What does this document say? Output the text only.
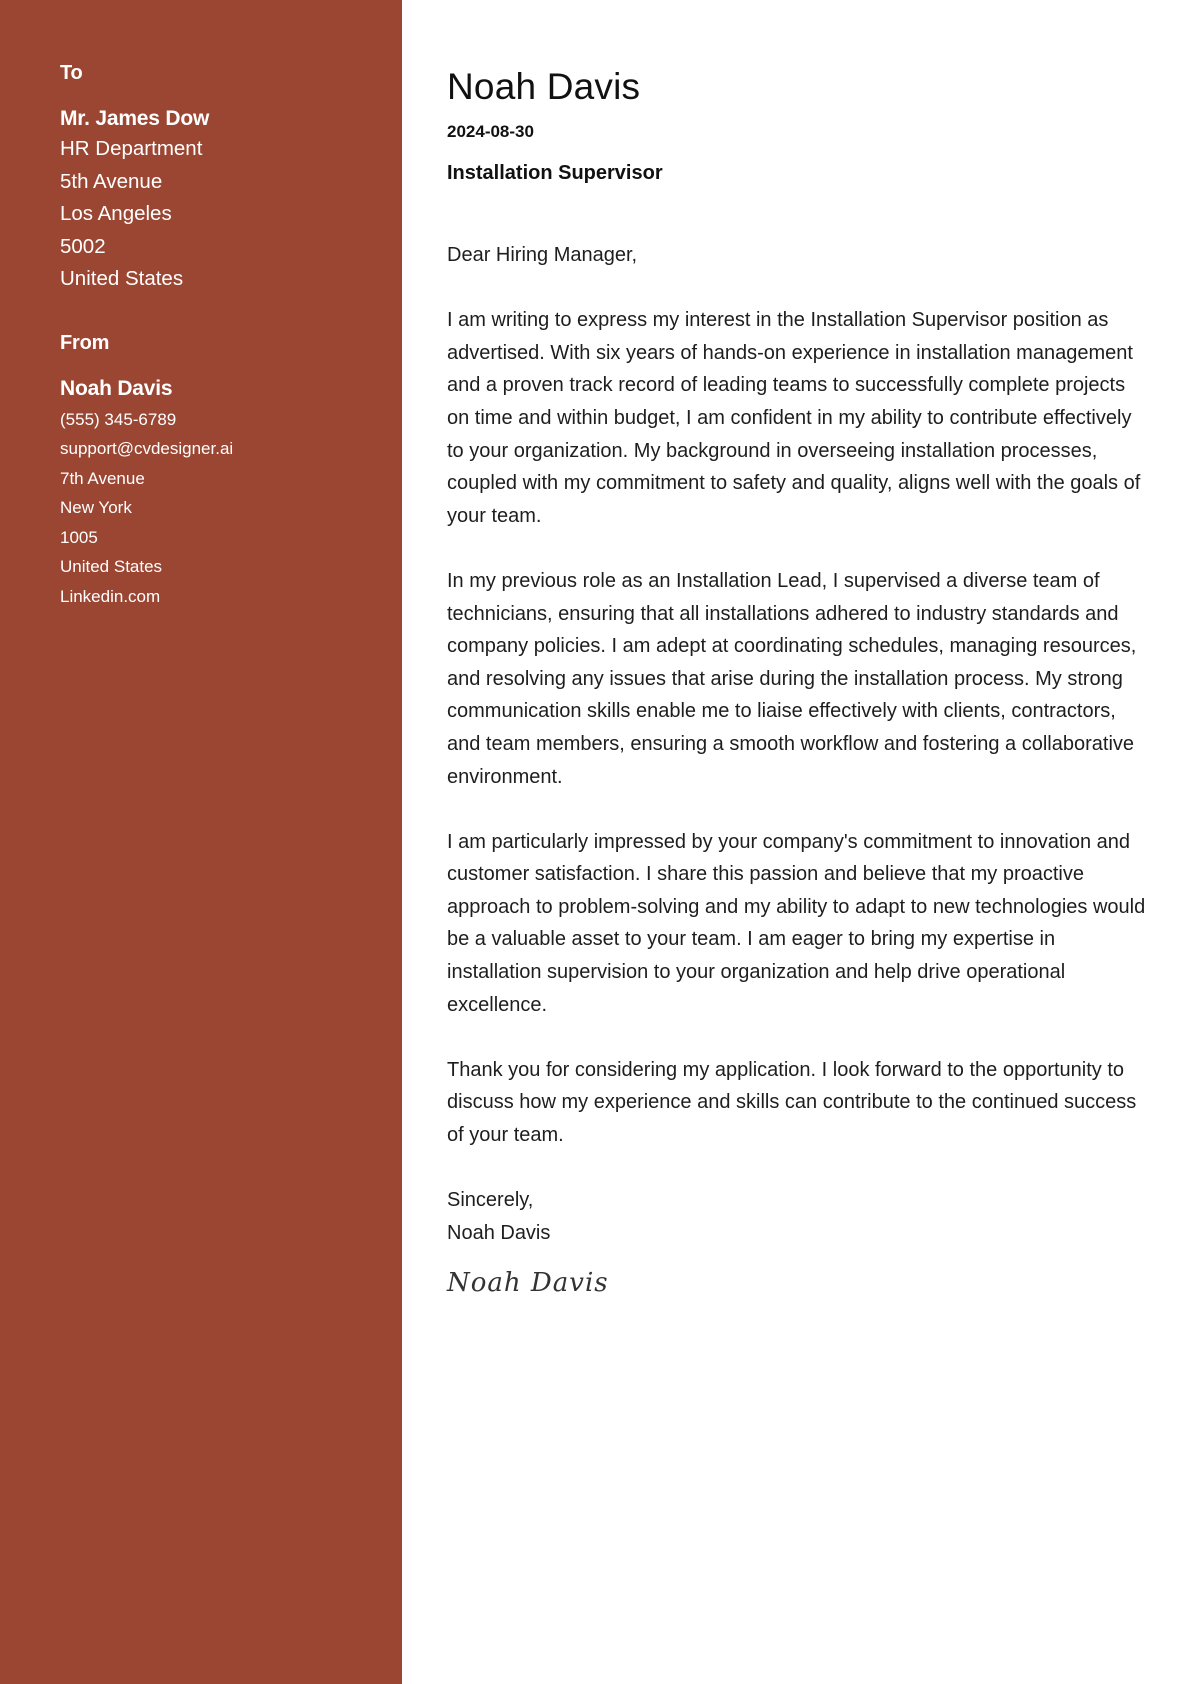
To
Mr. James Dow
HR Department
5th Avenue
Los Angeles
5002
United States
From
Noah Davis
(555) 345-6789
support@cvdesigner.ai
7th Avenue
New York
1005
United States
Linkedin.com
Noah Davis
2024-08-30
Installation Supervisor

Dear Hiring Manager,

I am writing to express my interest in the Installation Supervisor position as advertised. With six years of hands-on experience in installation management and a proven track record of leading teams to successfully complete projects on time and within budget, I am confident in my ability to contribute effectively to your organization. My background in overseeing installation processes, coupled with my commitment to safety and quality, aligns well with the goals of your team.

In my previous role as an Installation Lead, I supervised a diverse team of technicians, ensuring that all installations adhered to industry standards and company policies. I am adept at coordinating schedules, managing resources, and resolving any issues that arise during the installation process. My strong communication skills enable me to liaise effectively with clients, contractors, and team members, ensuring a smooth workflow and fostering a collaborative environment.

I am particularly impressed by your company's commitment to innovation and customer satisfaction. I share this passion and believe that my proactive approach to problem-solving and my ability to adapt to new technologies would be a valuable asset to your team. I am eager to bring my expertise in installation supervision to your organization and help drive operational excellence.

Thank you for considering my application. I look forward to the opportunity to discuss how my experience and skills can contribute to the continued success of your team.

Sincerely,
Noah Davis
Noah Davis
